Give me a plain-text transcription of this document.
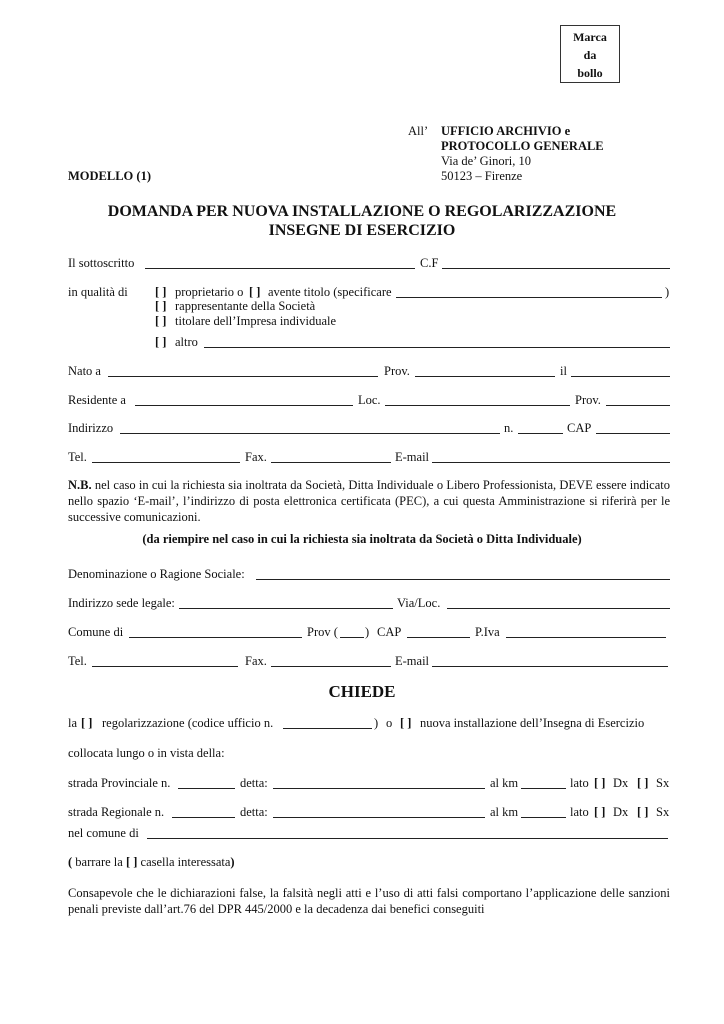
Marca
da
bollo
All’ UFFICIO ARCHIVIO e
PROTOCOLLO GENERALE
Via de’ Ginori, 10
50123 – Firenze
MODELLO (1)
DOMANDA PER NUOVA INSTALLAZIONE O REGOLARIZZAZIONE
INSEGNE DI ESERCIZIO
Il sottoscritto	C.F
in qualità di [ ] proprietario o [ ] avente titolo (specificare	)
[ ] rappresentante della Società
[ ] titolare dell’Impresa individuale
[ ] altro
Nato a	Prov.	il
Residente a	Loc.	Prov.
Indirizzo	n.	CAP
Tel.	Fax.	E-mail
N.B. nel caso in cui la richiesta sia inoltrata da Società, Ditta Individuale o Libero Professionista, DEVE essere indicato nello spazio ‘E-mail’, l’indirizzo di posta elettronica certificata (PEC), a cui questa Amministrazione si riferirà per le successive comunicazioni.
(da riempire nel caso in cui la richiesta sia inoltrata da Società o Ditta Individuale)
Denominazione o Ragione Sociale:
Indirizzo sede legale:	Via/Loc.
Comune di	Prov ( ) CAP	P.Iva
Tel.	Fax.	E-mail
CHIEDE
la [ ] regolarizzazione (codice ufficio n.	) o [ ] nuova installazione dell’Insegna di Esercizio
collocata lungo o in vista della:
strada Provinciale n.	detta:	al km	lato [ ] Dx [ ] Sx
strada Regionale n.	detta:	al km	lato [ ] Dx [ ] Sx
nel comune di
( barrare la [ ] casella interessata)
Consapevole che le dichiarazioni false, la falsità negli atti e l’uso di atti falsi comportano l’applicazione delle sanzioni penali previste dall’art.76 del DPR 445/2000 e la decadenza dai benefici conseguiti
